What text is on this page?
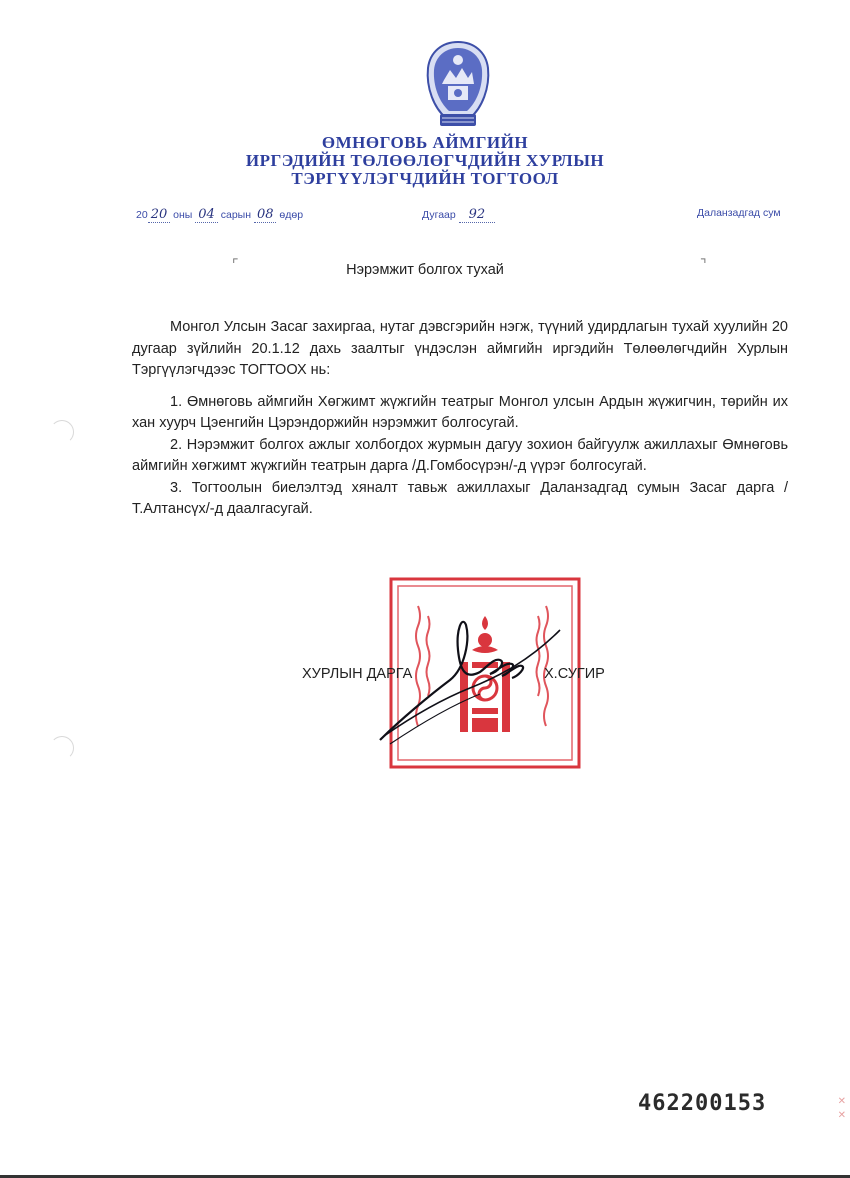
ӨМНӨГОВЬ АЙМГИЙН
ИРГЭДИЙН ТӨЛӨӨЛӨГЧДИЙН ХУРЛЫН
ТЭРГҮҮЛЭГЧДИЙН ТОГТООЛ
20 20 оны 04 сарын 08 өдөр	Дугаар 92	Даланзадгад сум
⌜	⌝
Нэрэмжит болгох тухай

Монгол Улсын Засаг захиргаа, нутаг дэвсгэрийн нэгж, түүний удирдлагын тухай хуулийн 20 дугаар зүйлийн 20.1.12 дахь заалтыг үндэслэн аймгийн иргэдийн Төлөөлөгчдийн Хурлын Тэргүүлэгчдээс ТОГТООХ нь:

1. Өмнөговь аймгийн Хөгжимт жүжгийн театрыг Монгол улсын Ардын жүжигчин, төрийн их хан хуурч Цэенгийн Цэрэндоржийн нэрэмжит болгосугай.

2. Нэрэмжит болгох ажлыг холбогдох журмын дагуу зохион байгуулж ажиллахыг Өмнөговь аймгийн хөгжимт жүжгийн театрын дарга /Д.Гомбосүрэн/-д үүрэг болгосугай.

3. Тогтоолын биелэлтэд хяналт тавьж ажиллахыг Даланзадгад сумын Засаг дарга /Т.Алтансүх/-д даалгасугай.

ХУРЛЫН ДАРГА	Х.СУГИР
462200153	✕
✕
